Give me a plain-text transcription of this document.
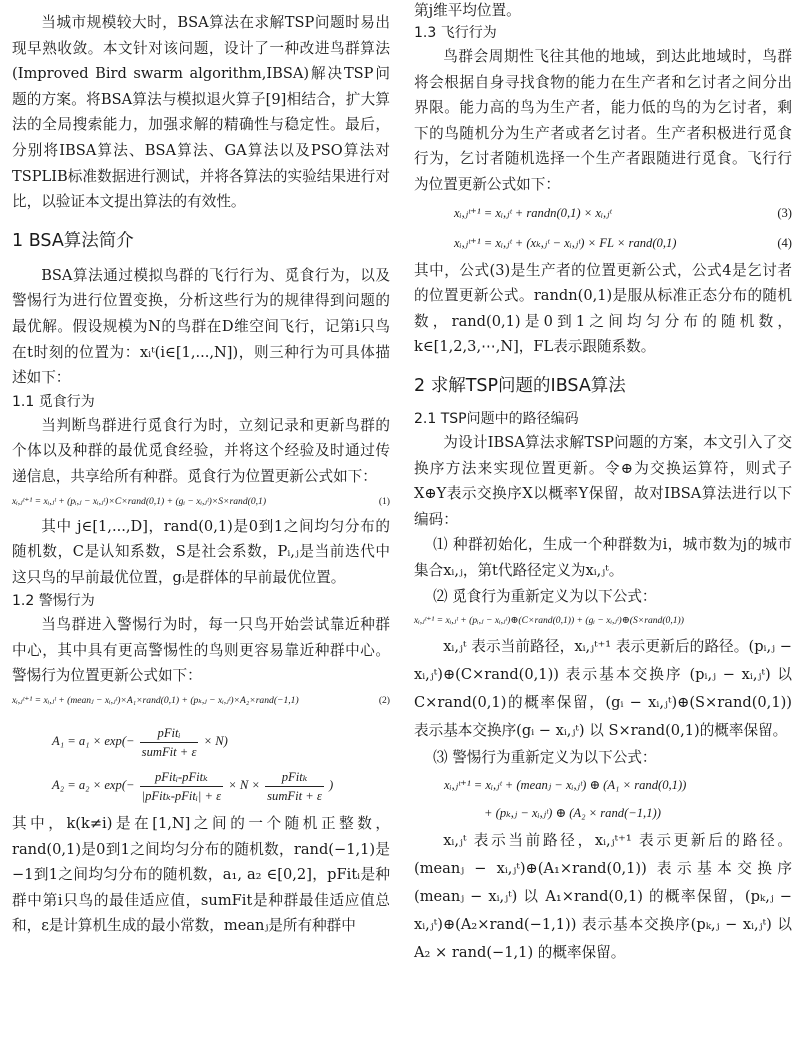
当城市规模较大时，BSA算法在求解TSP问题时易出现早熟收敛。本文针对该问题，设计了一种改进鸟群算法(Improved Bird swarm algorithm,IBSA)解决TSP问题的方案。将BSA算法与模拟退火算子[9]相结合，扩大算法的全局搜索能力，加强求解的精确性与稳定性。最后，分别将IBSA算法、BSA算法、GA算法以及PSO算法对TSPLIB标准数据进行测试，并将各算法的实验结果进行对比，以验证本文提出算法的有效性。

1 BSA算法简介

BSA算法通过模拟鸟群的飞行行为、觅食行为，以及警惕行为进行位置变换，分析这些行为的规律得到问题的最优解。假设规模为N的鸟群在D维空间飞行，记第i只鸟在t时刻的位置为：xᵢᵗ(i∈[1,...,N])，则三种行为可具体描述如下：

1.1 觅食行为

当判断鸟群进行觅食行为时，立刻记录和更新鸟群的个体以及种群的最优觅食经验，并将这个经验及时通过传递信息，共享给所有种群。觅食行为位置更新公式如下：

xᵢ,ⱼᵗ⁺¹ = xᵢ,ⱼᵗ + (pᵢ,ⱼ − xᵢ,ⱼᵗ)×C×rand(0,1) + (gᵢ − xᵢ,ⱼᵗ)×S×rand(0,1)	(1)

其中 j∈[1,...,D]，rand(0,1)是0到1之间均匀分布的随机数，C是认知系数，S是社会系数，Pᵢ,ⱼ是当前迭代中这只鸟的早前最优位置，gᵢ是群体的早前最优位置。

1.2 警惕行为

当鸟群进入警惕行为时，每一只鸟开始尝试靠近种群中心，其中具有更高警惕性的鸟则更容易靠近种群中心。警惕行为位置更新公式如下：

xᵢ,ⱼᵗ⁺¹ = xᵢ,ⱼᵗ + (meanⱼ − xᵢ,ⱼᵗ)×A₁×rand(0,1) + (pₖ,ⱼ − xᵢ,ⱼᵗ)×A₂×rand(−1,1)	(2)
$A_1 = a_1 \times \exp(- \frac{\text{pFitᵢ}}{\text{sumFit + ε}} \times N)$
$A_2 = a_2 \times \exp(- \frac{\text{pFitᵢ-pFitₖ}}{\text{|pFitₖ-pFitᵢ| + ε}} \times N \times \frac{\text{pFitₖ}}{\text{sumFit + ε}}$ )

其中，k(k≠i)是在[1,N]之间的一个随机正整数，rand(0,1)是0到1之间均匀分布的随机数，rand(−1,1)是−1到1之间均匀分布的随机数，a₁, a₂ ∈[0,2]，pFitᵢ是种群中第i只鸟的最佳适应值，sumFit是种群最佳适应值总和，ε是计算机生成的最小常数，meanⱼ是所有种群中

第j维平均位置。

1.3 飞行行为

鸟群会周期性飞往其他的地域，到达此地域时，鸟群将会根据自身寻找食物的能力在生产者和乞讨者之间分出界限。能力高的鸟为生产者，能力低的鸟的为乞讨者，剩下的鸟随机分为生产者或者乞讨者。生产者积极进行觅食行为，乞讨者随机选择一个生产者跟随进行觅食。飞行行为位置更新公式如下：

xᵢ,ⱼᵗ⁺¹ = xᵢ,ⱼᵗ + randn(0,1) × xᵢ,ⱼᵗ	(3)
xᵢ,ⱼᵗ⁺¹ = xᵢ,ⱼᵗ + (xₖ,ⱼᵗ − xᵢ,ⱼᵗ) × FL × rand(0,1)	(4)

其中，公式(3)是生产者的位置更新公式，公式4是乞讨者的位置更新公式。randn(0,1)是服从标准正态分布的随机数，rand(0,1)是0到1之间均匀分布的随机数，k∈[1,2,3,⋯,N]，FL表示跟随系数。

2 求解TSP问题的IBSA算法
2.1 TSP问题中的路径编码

为设计IBSA算法求解TSP问题的方案，本文引入了交换序方法来实现位置更新。令⊕为交换运算符，则式子X⊕Y表示交换序X以概率Y保留，故对IBSA算法进行以下编码：

⑴ 种群初始化，生成一个种群数为i，城市数为j的城市集合xᵢ,ⱼ，第t代路径定义为xᵢ,ⱼᵗ。

⑵ 觅食行为重新定义为以下公式：

xᵢ,ⱼᵗ⁺¹ = xᵢ,ⱼᵗ + (pᵢ,ⱼ − xᵢ,ⱼᵗ)⊕(C×rand(0,1)) + (gᵢ − xᵢ,ⱼᵗ)⊕(S×rand(0,1))

xᵢ,ⱼᵗ 表示当前路径，xᵢ,ⱼᵗ⁺¹ 表示更新后的路径。(pᵢ,ⱼ − xᵢ,ⱼᵗ)⊕(C×rand(0,1)) 表示基本交换序 (pᵢ,ⱼ − xᵢ,ⱼᵗ) 以C×rand(0,1)的概率保留，(gᵢ − xᵢ,ⱼᵗ)⊕(S×rand(0,1)) 表示基本交换序(gᵢ − xᵢ,ⱼᵗ) 以 S×rand(0,1)的概率保留。

⑶ 警惕行为重新定义为以下公式：

xᵢ,ⱼᵗ⁺¹ = xᵢ,ⱼᵗ + (meanⱼ − xᵢ,ⱼᵗ) ⊕ (A₁ × rand(0,1))
+ (pₖ,ⱼ − xᵢ,ⱼᵗ) ⊕ (A₂ × rand(−1,1))

xᵢ,ⱼᵗ 表示当前路径，xᵢ,ⱼᵗ⁺¹ 表示更新后的路径。(meanⱼ − xᵢ,ⱼᵗ)⊕(A₁×rand(0,1)) 表示基本交换序(meanⱼ − xᵢ,ⱼᵗ) 以 A₁×rand(0,1) 的概率保留，(pₖ,ⱼ − xᵢ,ⱼᵗ)⊕(A₂×rand(−1,1)) 表示基本交换序(pₖ,ⱼ − xᵢ,ⱼᵗ) 以 A₂ × rand(−1,1) 的概率保留。
